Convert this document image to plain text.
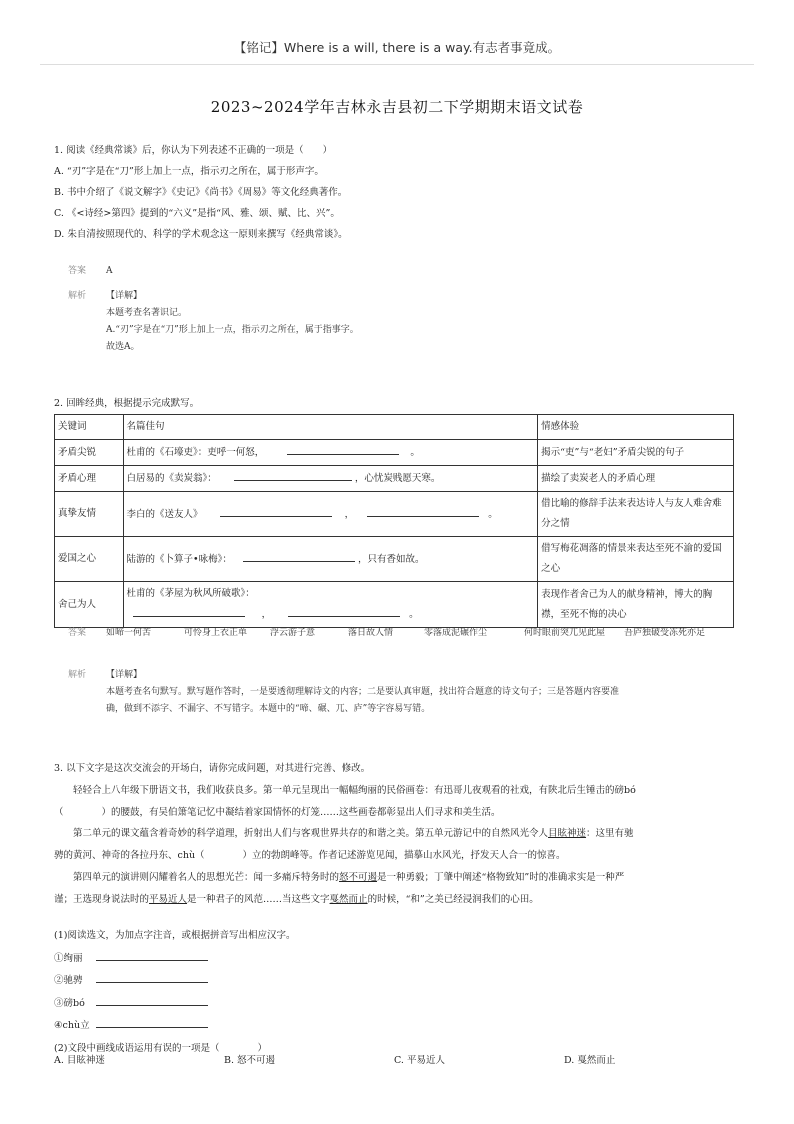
【铭记】Where is a will, there is a way.有志者事竟成。
2023~2024学年吉林永吉县初二下学期期末语文试卷
1. 阅读《经典常谈》后，你认为下列表述不正确的一项是（　　）
A. “刃”字是在“刀”形上加上一点，指示刃之所在，属于形声字。
B. 书中介绍了《说文解字》《史记》《尚书》《周易》等文化经典著作。
C. 《<诗经>第四》提到的“六义”是指“风、雅、颂、赋、比、兴”。
D. 朱自清按照现代的、科学的学术观念这一原则来撰写《经典常谈》。
答案 A
解析 【详解】
本题考查名著识记。
A.“刃”字是在“刀”形上加上一点，指示刃之所在，属于指事字。
故选A。
2. 回眸经典，根据提示完成默写。
关键词	名篇佳句	情感体验
矛盾尖锐	杜甫的《石壕吏》：吏呼一何怒， 。	揭示“吏”与“老妇”矛盾尖锐的句子
矛盾心理	白居易的《卖炭翁》： ，心忧炭贱愿天寒。	描绘了卖炭老人的矛盾心理
真挚友情	李白的《送友人》 ， 。	借比喻的修辞手法来表达诗人与友人难舍难分之情
爱国之心	陆游的《卜算子•咏梅》： ，只有香如故。	借写梅花凋落的情景来表达至死不渝的爱国之心
舍己为人	杜甫的《茅屋为秋风所破歌》：
， 。	表现作者舍己为人的献身精神，博大的胸襟，至死不悔的决心
答案 如啼一何苦	可怜身上衣正单	浮云游子意	落日故人情	零落成泥碾作尘	何时眼前突兀见此屋 吾庐独破受冻死亦足
解析 【详解】
本题考查名句默写。默写题作答时，一是要透彻理解诗文的内容；二是要认真审题，找出符合题意的诗文句子；三是答题内容要准
确，做到不添字、不漏字、不写错字。本题中的“啼、碾、兀、庐”等字容易写错。
3. 以下文字是这次交流会的开场白，请你完成问题，对其进行完善、修改。
轻轻合上八年级下册语文书，我们收获良多。第一单元呈现出一幅幅绚丽的民俗画卷：有迅哥儿夜观看的社戏，有陕北后生锤击的磅bó
（　　　　）的腰鼓，有吴伯箫笔记忆中凝结着家国情怀的灯笼……这些画卷都彰显出人们寻求和美生活。
第二单元的课文蕴含着奇妙的科学道理，折射出人们与客观世界共存的和谐之美。第五单元游记中的自然风光令人目眩神迷：这里有驰
骋的黄河、神奇的各拉丹东、chù（　　　　）立的勃朗峰等。作者记述游览见闻，描摹山水风光，抒发天人合一的惊喜。
第四单元的演讲则闪耀着名人的思想光芒：闻一多痛斥特务时的怒不可遏是一种勇毅；丁肇中阐述“格物致知”时的准确求实是一种严
谨；王选现身说法时的平易近人是一种君子的风范……当这些文字戛然而止的时候，“和”之美已经浸润我们的心田。
(1)阅读选文，为加点字注音，或根据拼音写出相应汉字。
①绚丽
②驰骋
③磅bó
④chù立
(2)文段中画线成语运用有误的一项是（　　　　）
A. 目眩神迷	B. 怒不可遏	C. 平易近人	D. 戛然而止
